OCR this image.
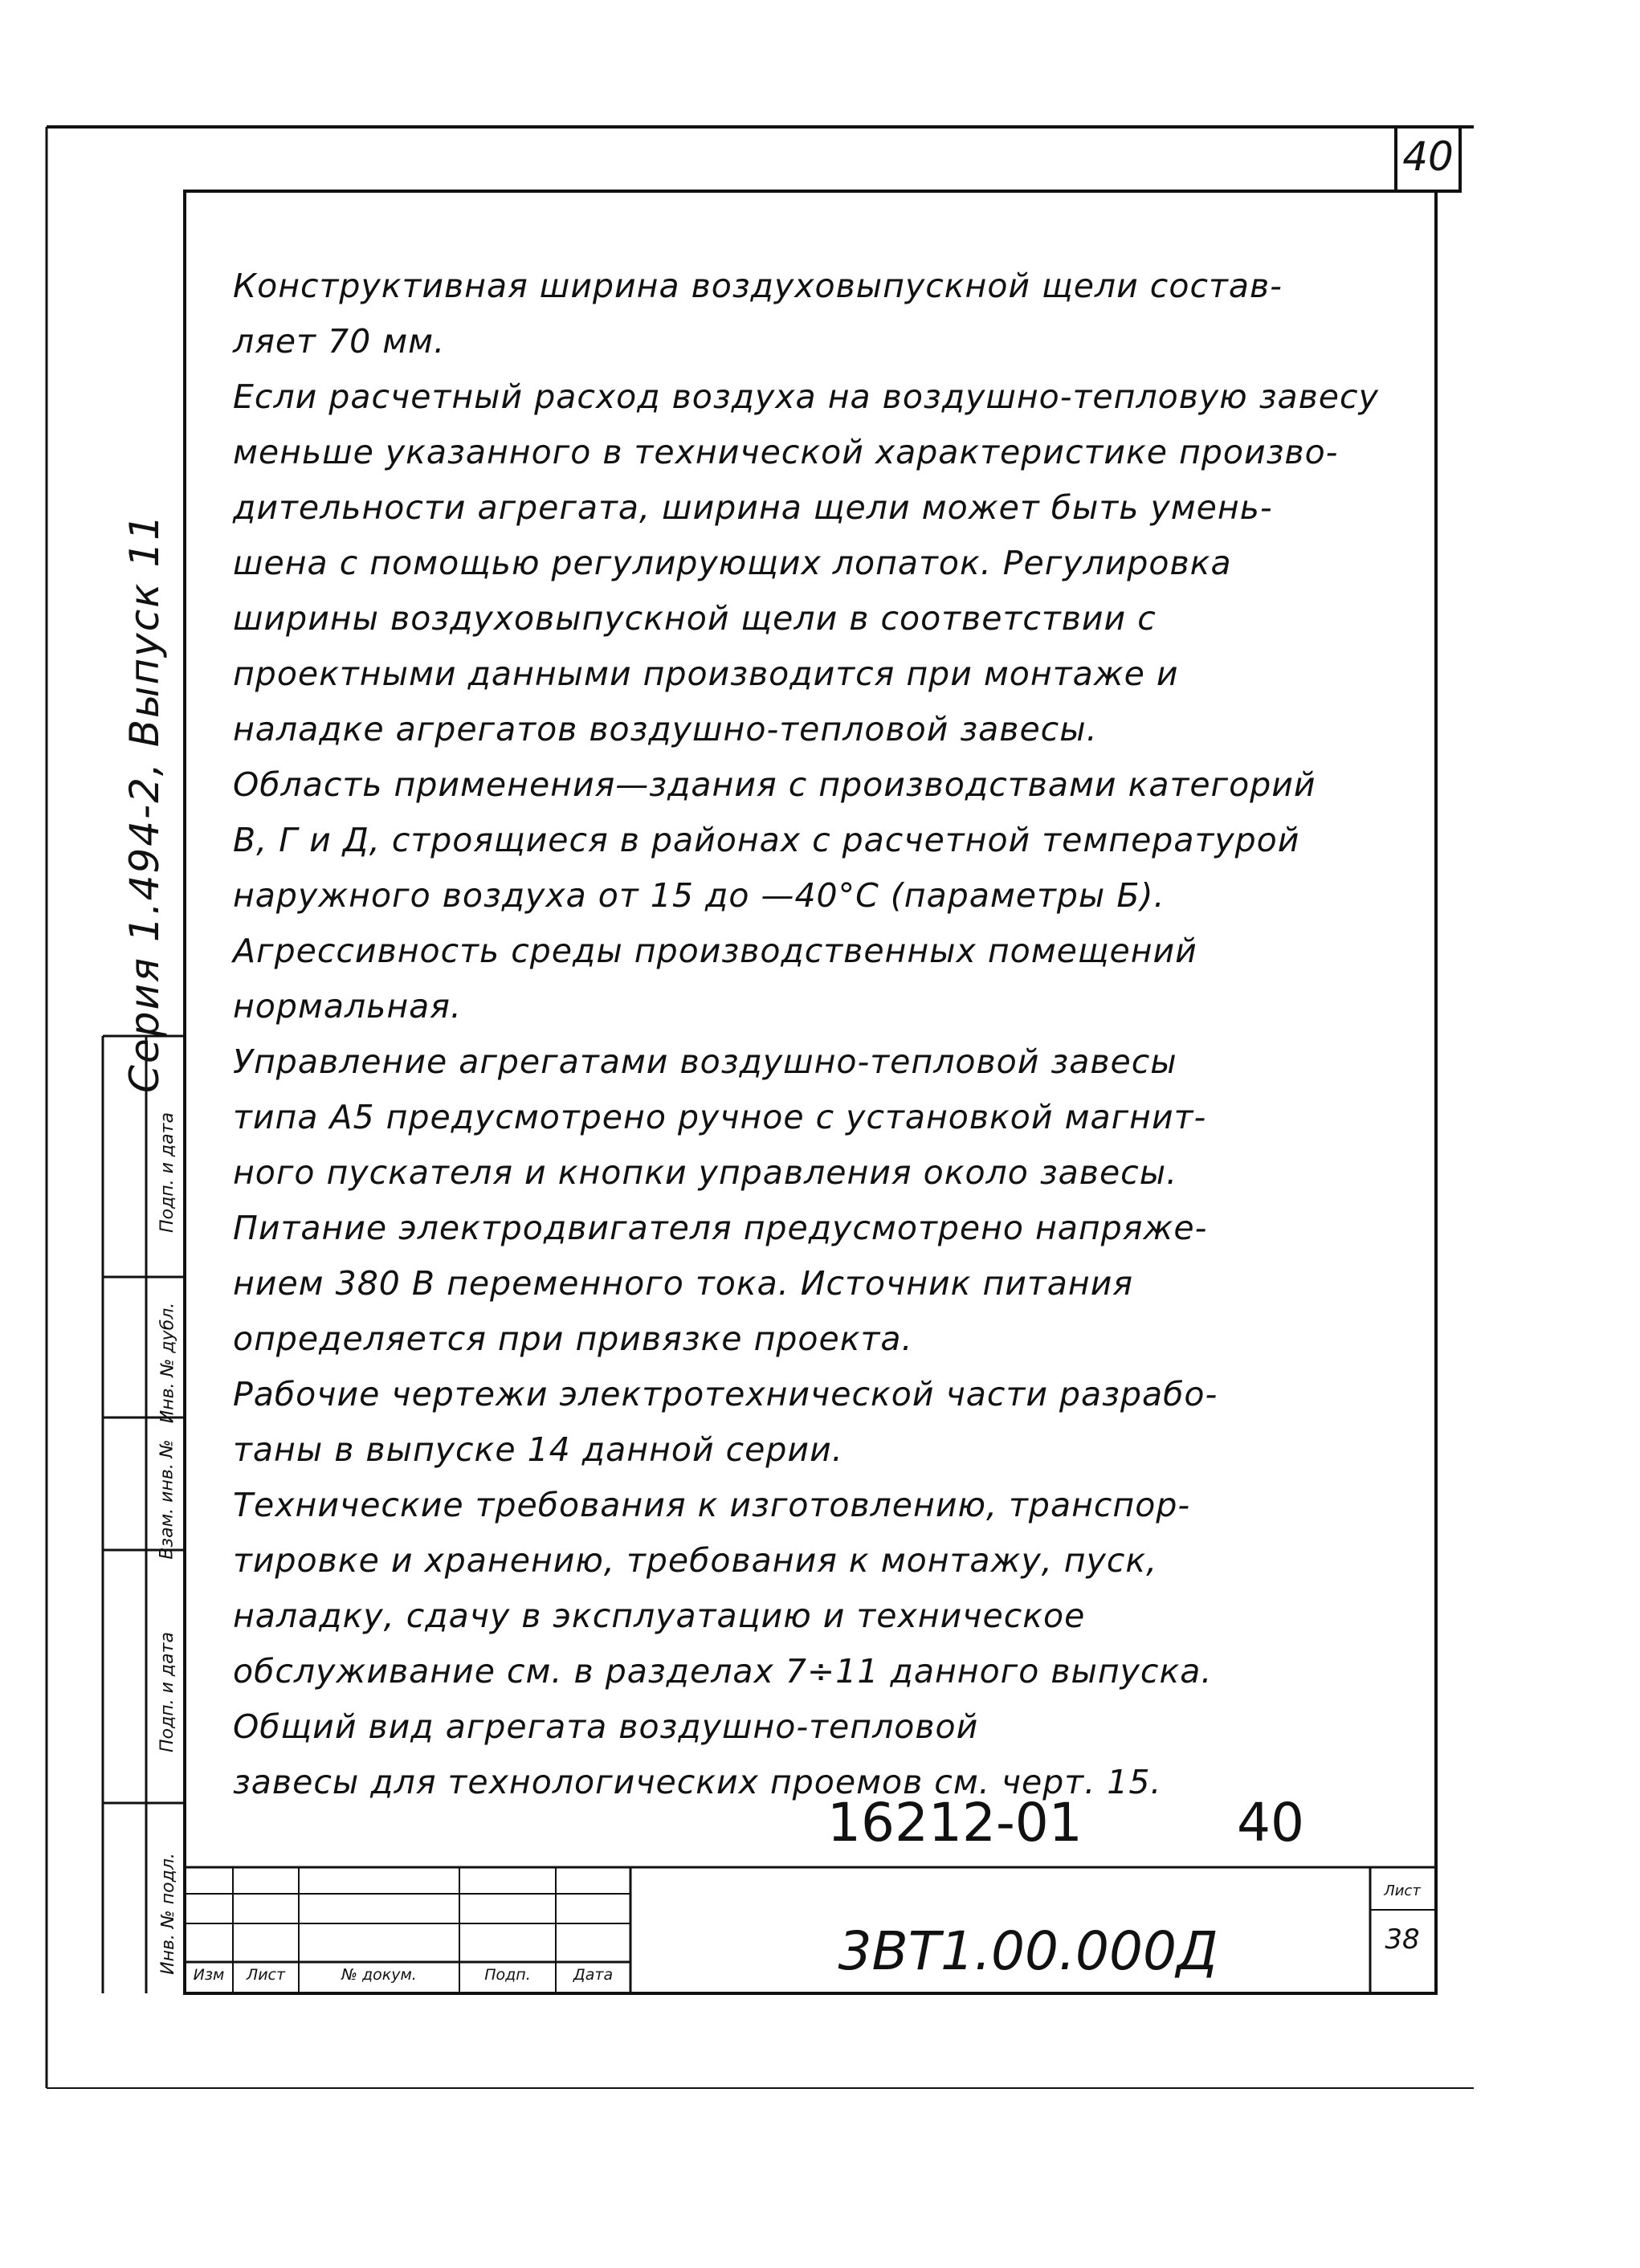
40
Серия 1.494-2, Выпуск 11

Конструктивная ширина воздуховыпускной щели состав-

ляет 70 мм.

Если расчетный расход воздуха на воздушно-тепловую завесу

меньше указанного в технической характеристике произво-

дительности агрегата, ширина щели может быть умень-

шена с помощью регулирующих лопаток. Регулировка

ширины воздуховыпускной щели в соответствии с

проектными данными производится при монтаже и

наладке агрегатов воздушно-тепловой завесы.

Область применения—здания с производствами категорий

В, Г и Д, строящиеся в районах с расчетной температурой

наружного воздуха от 15 до —40°С (параметры Б).

Агрессивность среды производственных помещений

нормальная.

Управление агрегатами воздушно-тепловой завесы

типа А5 предусмотрено ручное с установкой магнит-

ного пускателя и кнопки управления около завесы.

Питание электродвигателя предусмотрено напряже-

нием 380 В переменного тока. Источник питания

определяется при привязке проекта.

Рабочие чертежи электротехнической части разрабо-

таны в выпуске 14 данной серии.

Технические требования к изготовлению, транспор-

тировке и хранению, требования к монтажу, пуск,

наладку, сдачу в эксплуатацию и техническое

обслуживание см. в разделах 7÷11 данного выпуска.

Общий вид агрегата воздушно-тепловой

завесы для технологических проемов см. черт. 15.

16212-01	40
3ВТ1.00.000Д
Лист
38
Изм	Лист	№ докум.	Подп.	Дата
Инв. № подл.
Подп. и дата
Взам. инв. №
Инв. № дубл.
Подп. и дата
